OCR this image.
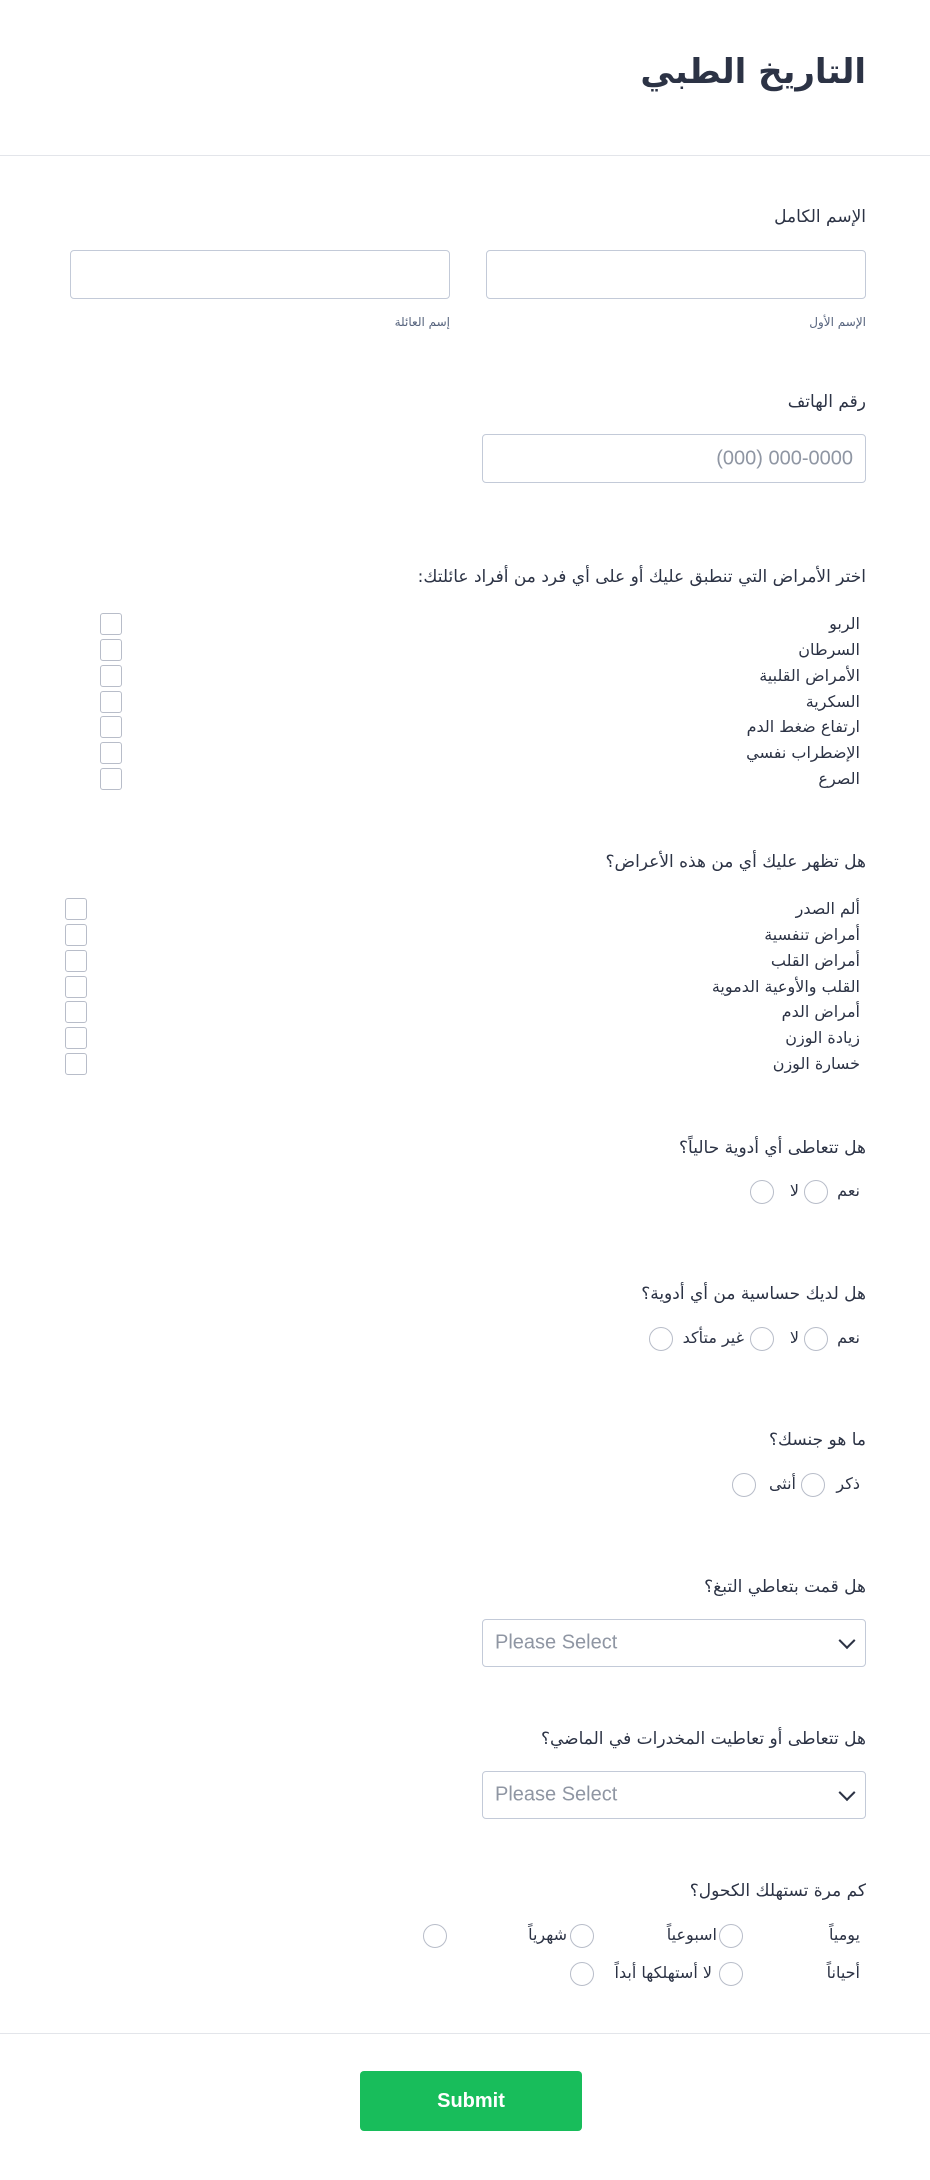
التاريخ الطبي
الإسم الكامل
الإسم الأول
إسم العائلة
رقم الهاتف
(000) 000-0000
اختر الأمراض التي تنطبق عليك أو على أي فرد من أفراد عائلتك:
الربو
السرطان
الأمراض القلبية
السكرية
ارتفاع ضغط الدم
الإضطراب نفسي
الصرع
هل تظهر عليك أي من هذه الأعراض؟
ألم الصدر
أمراض تنفسية
أمراض القلب
القلب والأوعية الدموية
أمراض الدم
زيادة الوزن
خسارة الوزن
هل تتعاطى أي أدوية حالياً؟
نعم
لا
هل لديك حساسية من أي أدوية؟
نعم
لا
غير متأكد
ما هو جنسك؟
ذكر
أنثى
هل قمت بتعاطي التبغ؟
Please Select
هل تتعاطى أو تعاطيت المخدرات في الماضي؟
Please Select
كم مرة تستهلك الكحول؟
يومياً
اسبوعياً
شهرياً
أحياناً
لا أستهلكها أبداً
Submit
